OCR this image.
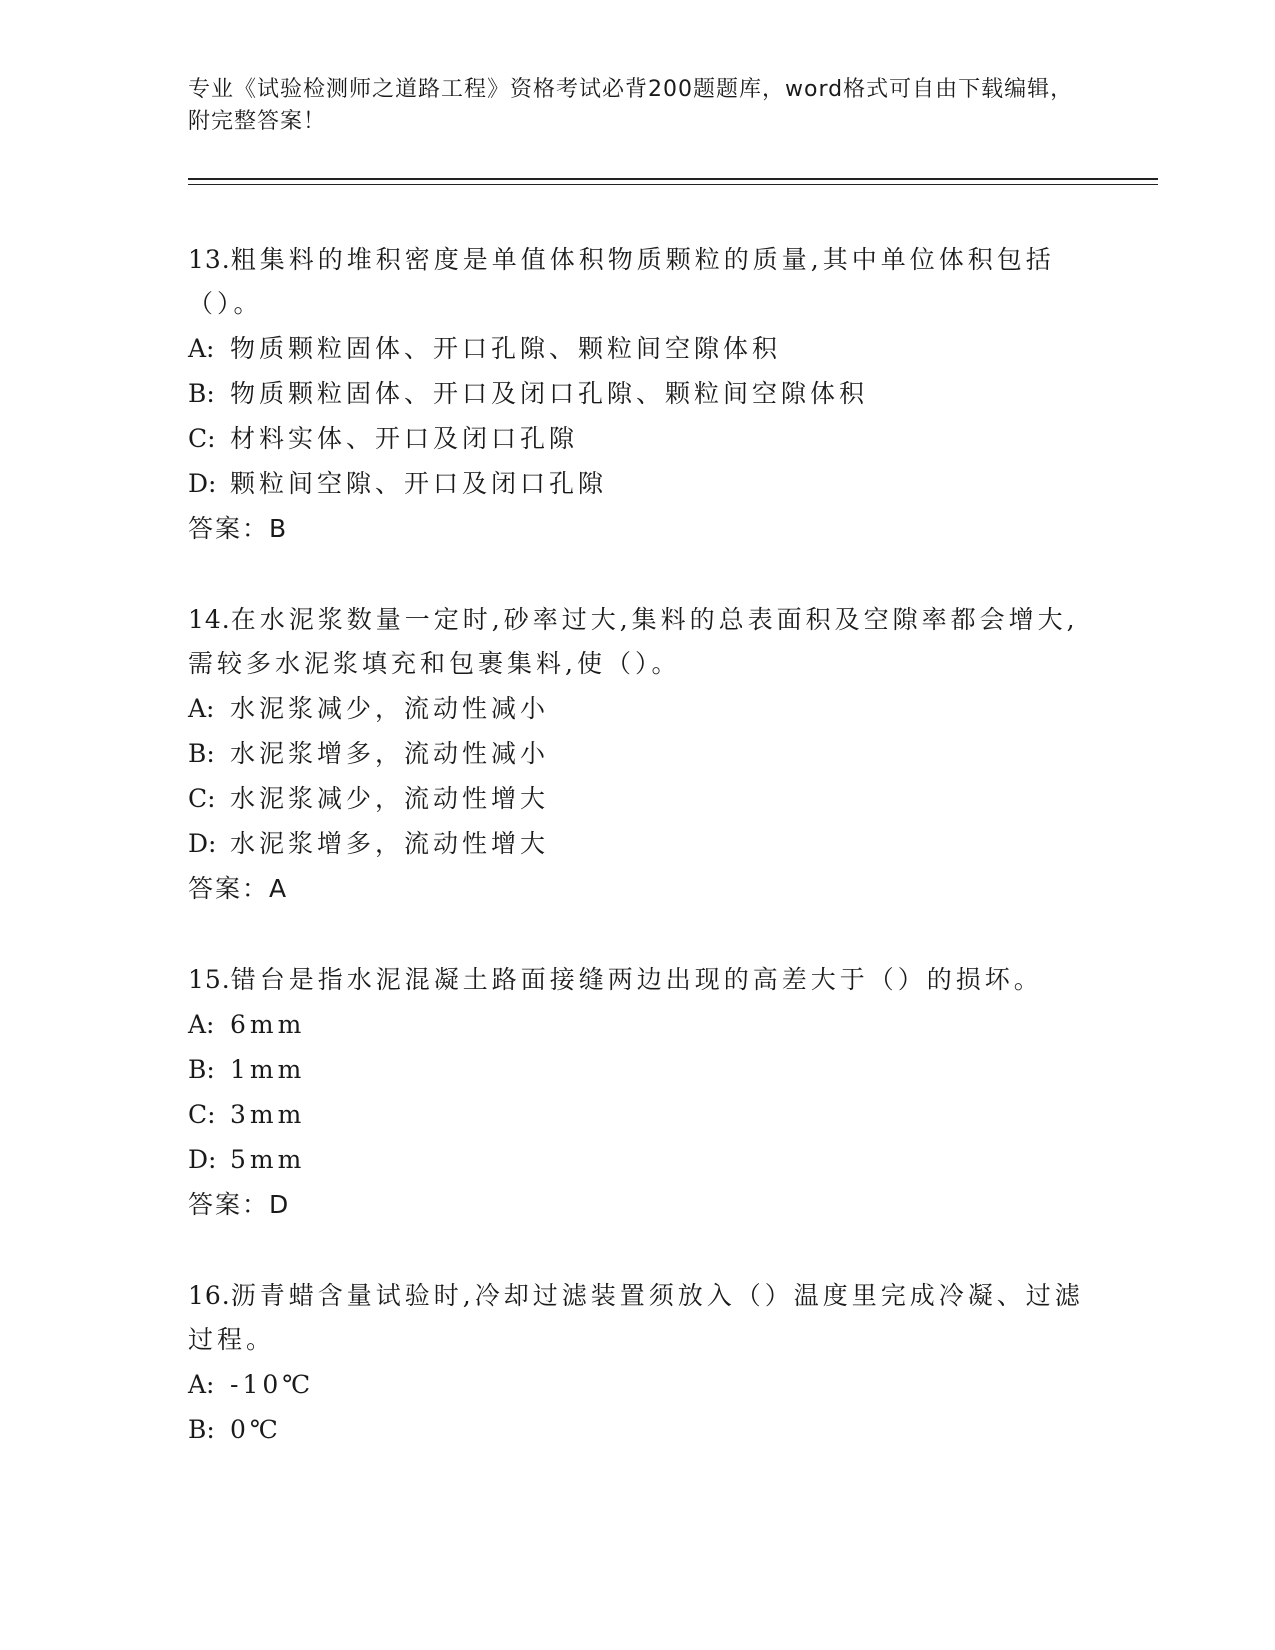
专业《试验检测师之道路工程》资格考试必背200题题库，word格式可自由下载编辑，附完整答案！
13.粗集料的堆积密度是单值体积物质颗粒的质量,其中单位体积包括（）。
A: 物质颗粒固体、开口孔隙、颗粒间空隙体积
B: 物质颗粒固体、开口及闭口孔隙、颗粒间空隙体积
C: 材料实体、开口及闭口孔隙
D: 颗粒间空隙、开口及闭口孔隙
答案：B
14.在水泥浆数量一定时,砂率过大,集料的总表面积及空隙率都会增大,需较多水泥浆填充和包裹集料,使（）。
A: 水泥浆减少，流动性减小
B: 水泥浆增多，流动性减小
C: 水泥浆减少，流动性增大
D: 水泥浆增多，流动性增大
答案：A
15.错台是指水泥混凝土路面接缝两边出现的高差大于（）的损坏。
A: 6mm
B: 1mm
C: 3mm
D: 5mm
答案：D
16.沥青蜡含量试验时,冷却过滤装置须放入（）温度里完成冷凝、过滤过程。
A: -10℃
B: 0℃
